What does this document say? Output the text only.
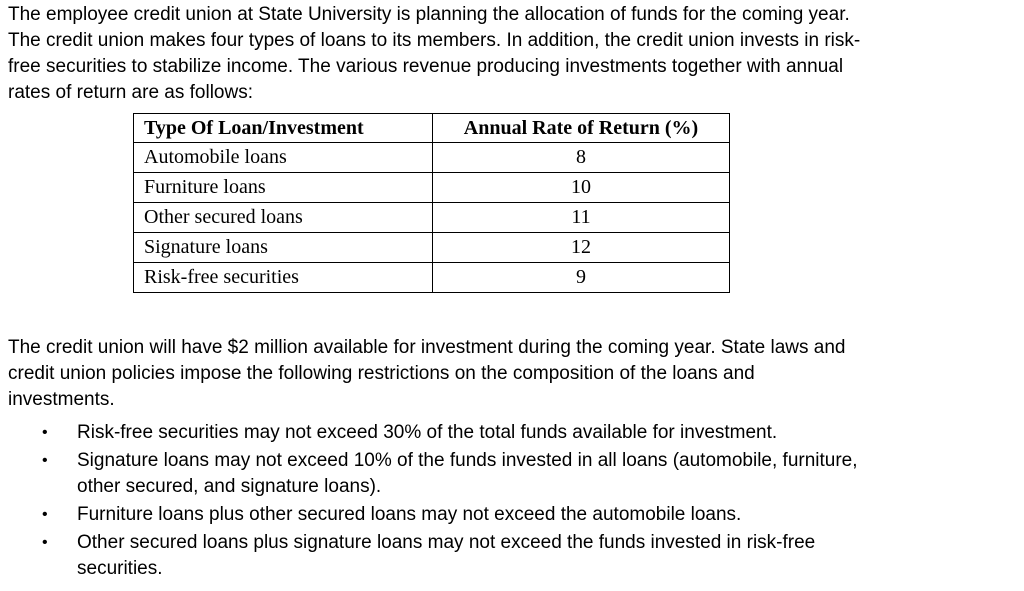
The employee credit union at State University is planning the allocation of funds for the coming year.
The credit union makes four types of loans to its members. In addition, the credit union invests in risk-
free securities to stabilize income. The various revenue producing investments together with annual
rates of return are as follows:
Type Of Loan/Investment	Annual Rate of Return (%)
Automobile loans	8
Furniture loans	10
Other secured loans	11
Signature loans	12
Risk-free securities	9
The credit union will have $2 million available for investment during the coming year. State laws and
credit union policies impose the following restrictions on the composition of the loans and
investments.
• Risk-free securities may not exceed 30% of the total funds available for investment.
• Signature loans may not exceed 10% of the funds invested in all loans (automobile, furniture,
other secured, and signature loans).
• Furniture loans plus other secured loans may not exceed the automobile loans.
• Other secured loans plus signature loans may not exceed the funds invested in risk-free
securities.
